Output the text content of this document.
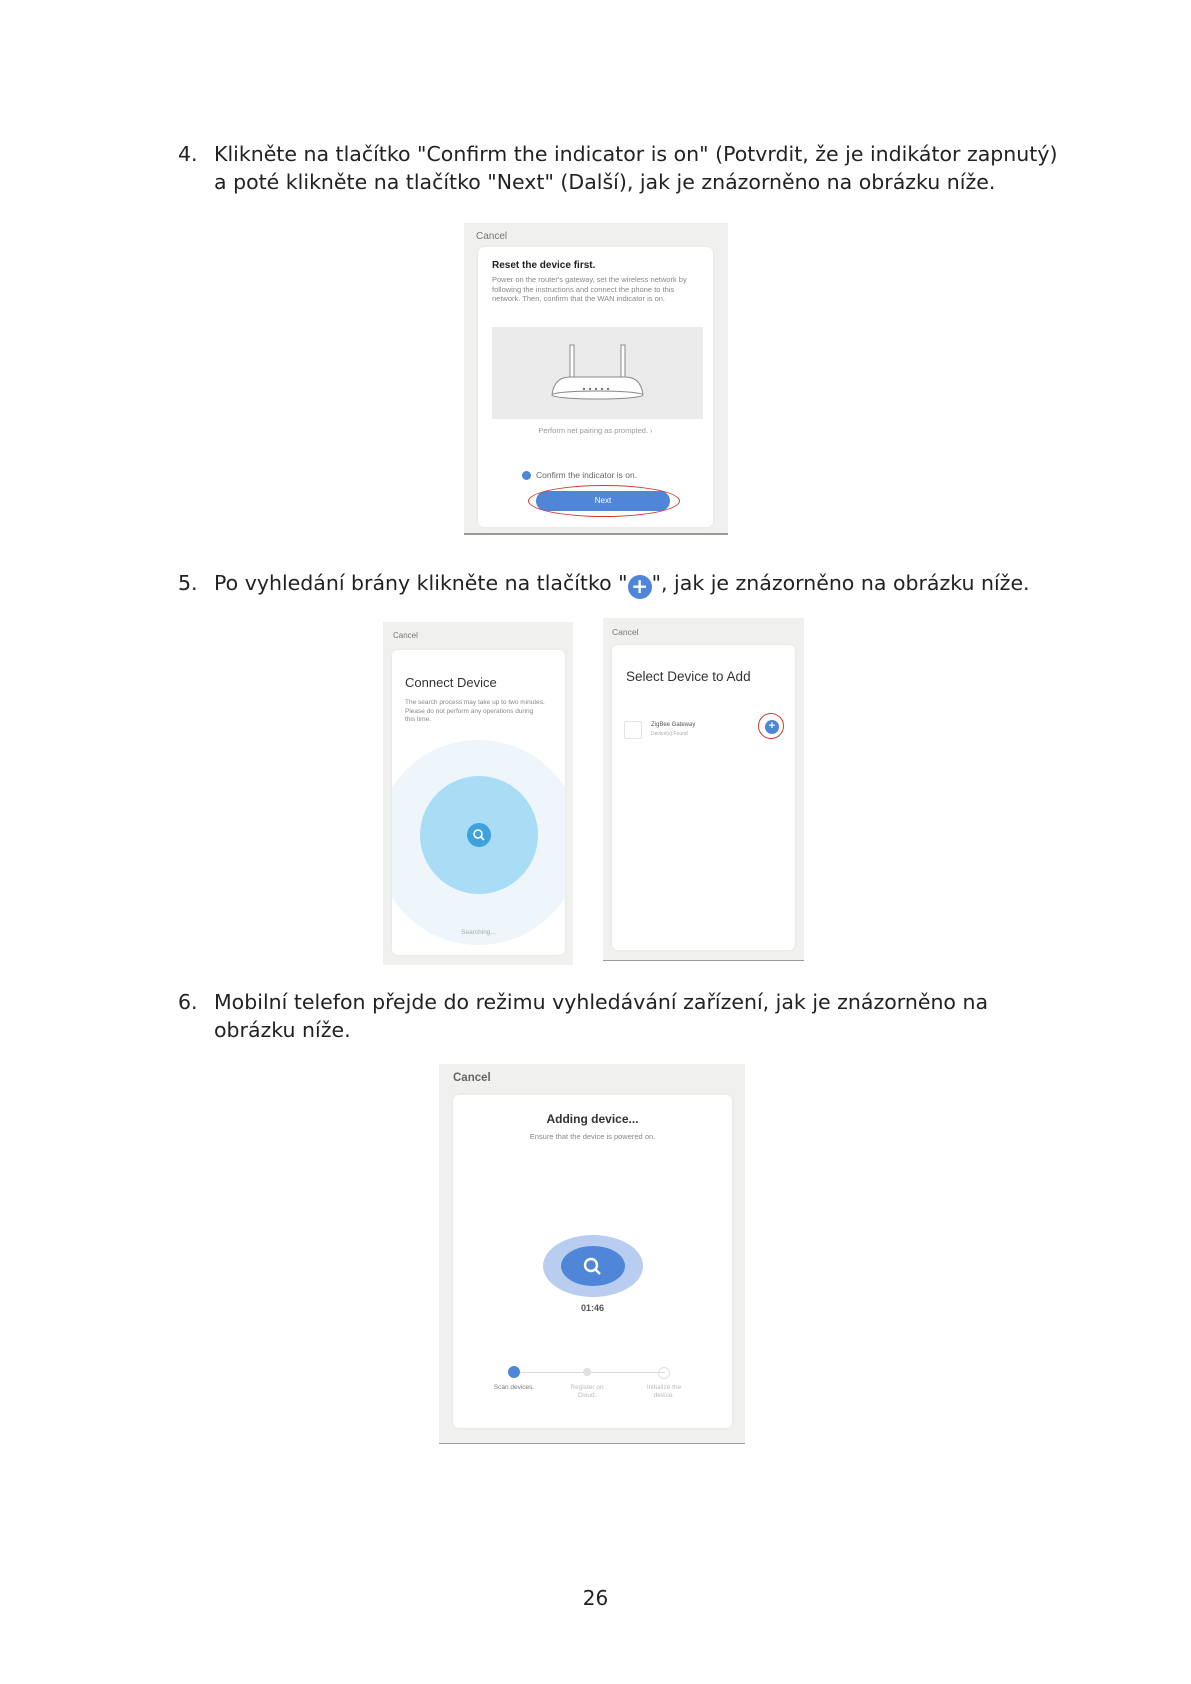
4. Klikněte na tlačítko "Confirm the indicator is on" (Potvrdit, že je indikátor zapnutý) a poté klikněte na tlačítko "Next" (Další), jak je znázorněno na obrázku níže.
Cancel
Reset the device first.
Power on the router's gateway, set the wireless network by following the instructions and connect the phone to this network. Then, confirm that the WAN indicator is on.
Perform net pairing as prompted. ›
Confirm the indicator is on.
Next
5. Po vyhledání brány klikněte na tlačítko " + ", jak je znázorněno na obrázku níže.
Cancel
Connect Device
The search process may take up to two minutes. Please do not perform any operations during this time.
Searching...
Cancel
Select Device to Add
ZigBee Gateway
Device(s) Found
+
6. Mobilní telefon přejde do režimu vyhledávání zařízení, jak je znázorněno na obrázku níže.
Cancel
Adding device...
Ensure that the device is powered on.
01:46
Scan devices.	Register on Cloud.
Initialize the device.
26
